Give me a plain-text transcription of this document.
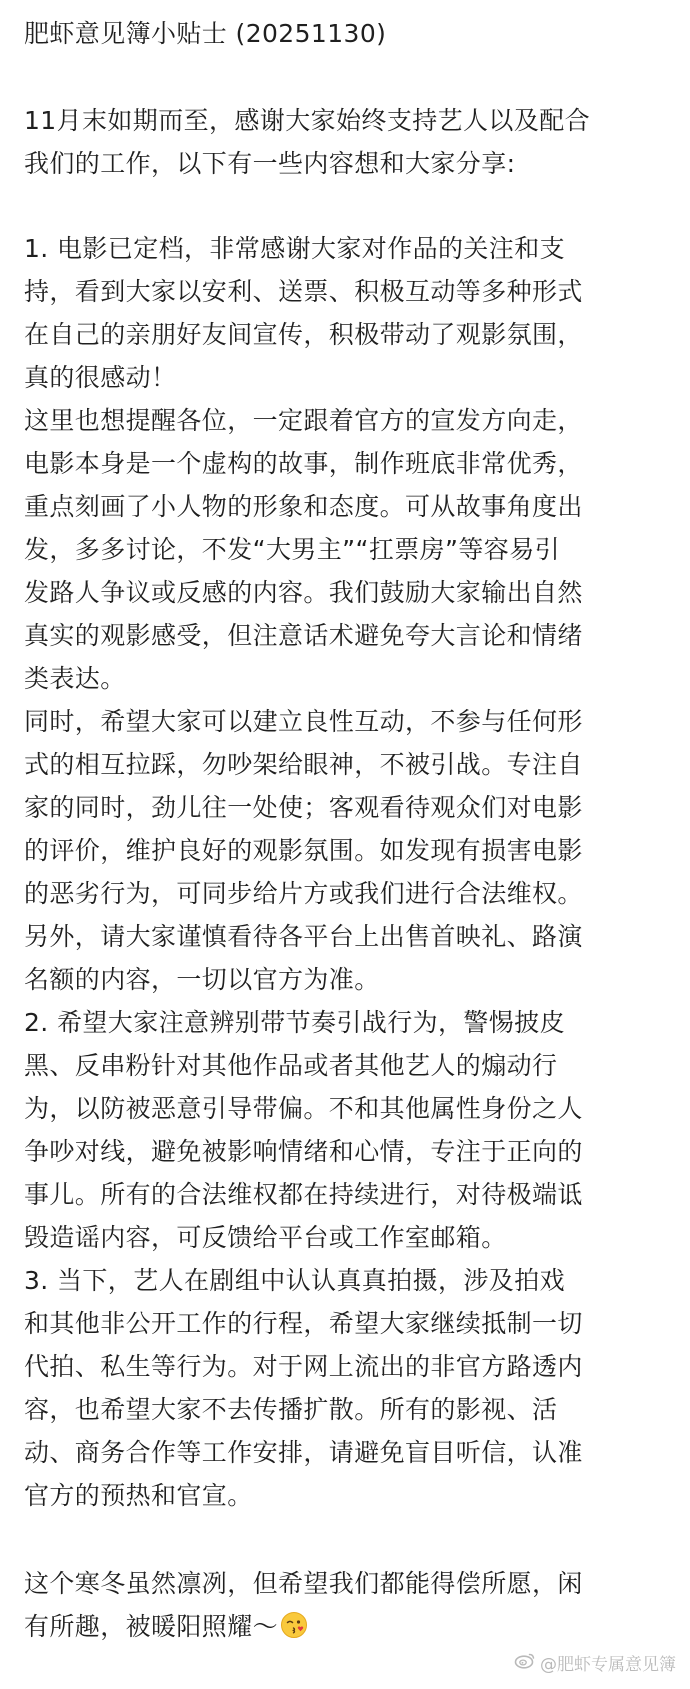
肥虾意见簿小贴士 (20251130)
11月末如期而至，感谢大家始终支持艺人以及配合
我们的工作，以下有一些内容想和大家分享:
1. 电影已定档，非常感谢大家对作品的关注和支
持，看到大家以安利、送票、积极互动等多种形式
在自己的亲朋好友间宣传，积极带动了观影氛围，
真的很感动！
这里也想提醒各位，一定跟着官方的宣发方向走，
电影本身是一个虚构的故事，制作班底非常优秀，
重点刻画了小人物的形象和态度。可从故事角度出
发，多多讨论，不发“大男主”“扛票房”等容易引
发路人争议或反感的内容。我们鼓励大家输出自然
真实的观影感受，但注意话术避免夸大言论和情绪
类表达。
同时，希望大家可以建立良性互动，不参与任何形
式的相互拉踩，勿吵架给眼神，不被引战。专注自
家的同时，劲儿往一处使；客观看待观众们对电影
的评价，维护良好的观影氛围。如发现有损害电影
的恶劣行为，可同步给片方或我们进行合法维权。
另外，请大家谨慎看待各平台上出售首映礼、路演
名额的内容，一切以官方为准。
2. 希望大家注意辨别带节奏引战行为，警惕披皮
黑、反串粉针对其他作品或者其他艺人的煽动行
为，以防被恶意引导带偏。不和其他属性身份之人
争吵对线，避免被影响情绪和心情，专注于正向的
事儿。所有的合法维权都在持续进行，对待极端诋
毁造谣内容，可反馈给平台或工作室邮箱。
3. 当下，艺人在剧组中认认真真拍摄，涉及拍戏
和其他非公开工作的行程，希望大家继续抵制一切
代拍、私生等行为。对于网上流出的非官方路透内
容，也希望大家不去传播扩散。所有的影视、活
动、商务合作等工作安排，请避免盲目听信，认准
官方的预热和官宣。
这个寒冬虽然凛冽，但希望我们都能得偿所愿，闲
有所趣，被暖阳照耀～
@肥虾专属意见簿
